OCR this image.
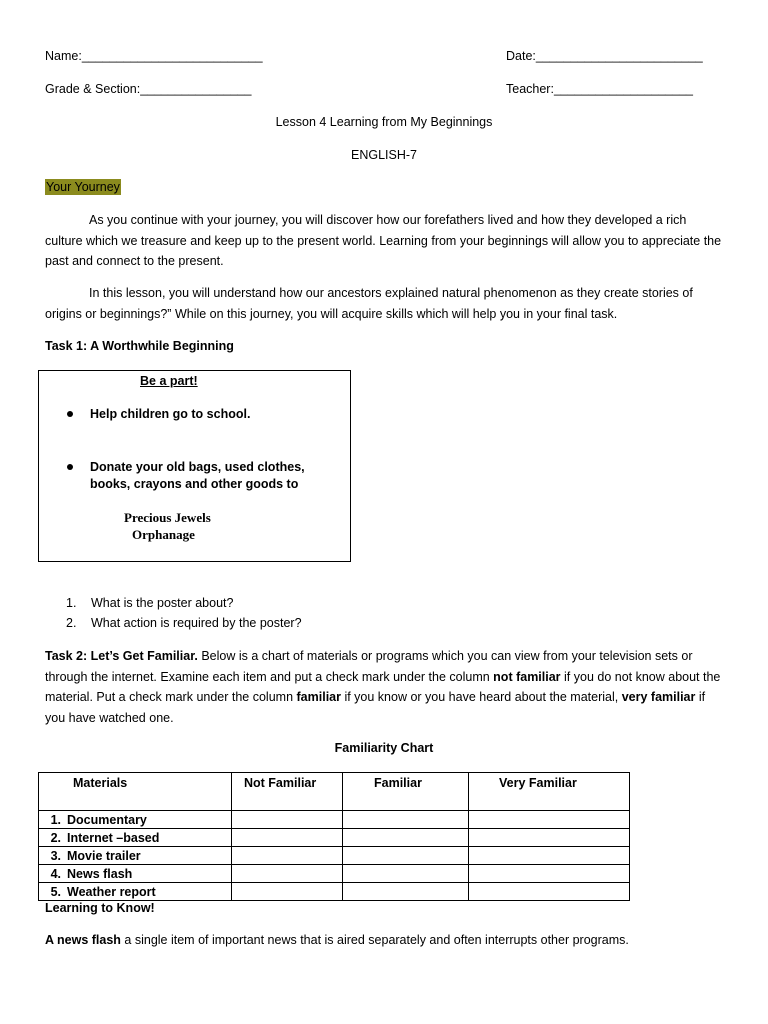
Name:__________________________	Date:________________________
Grade & Section:________________	Teacher:____________________
Lesson 4 Learning from My Beginnings
ENGLISH-7
Your Yourney
As you continue with your journey, you will discover how our forefathers lived and how they developed a rich culture which we treasure and keep up to the present world. Learning from your beginnings will allow you to appreciate the past and connect to the present.
In this lesson, you will understand how our ancestors explained natural phenomenon as they create stories of origins or beginnings?” While on this journey, you will acquire skills which will help you in your final task.
Task 1: A Worthwhile Beginning
Be a part!
Help children go to school.
Donate your old bags, used clothes, books, crayons and other goods to
Precious Jewels
Orphanage
1. What is the poster about?
2. What action is required by the poster?
Task 2: Let’s Get Familiar. Below is a chart of materials or programs which you can view from your television sets or through the internet. Examine each item and put a check mark under the column not familiar if you do not know about the material. Put a check mark under the column familiar if you know or you have heard about the material, very familiar if you have watched one.
Familiarity Chart
Materials	Not Familiar	Familiar	Very Familiar
1. Documentary			
2. Internet –based			
3. Movie trailer			
4. News flash			
5. Weather report			
Learning to Know!
A news flash a single item of important news that is aired separately and often interrupts other programs.
